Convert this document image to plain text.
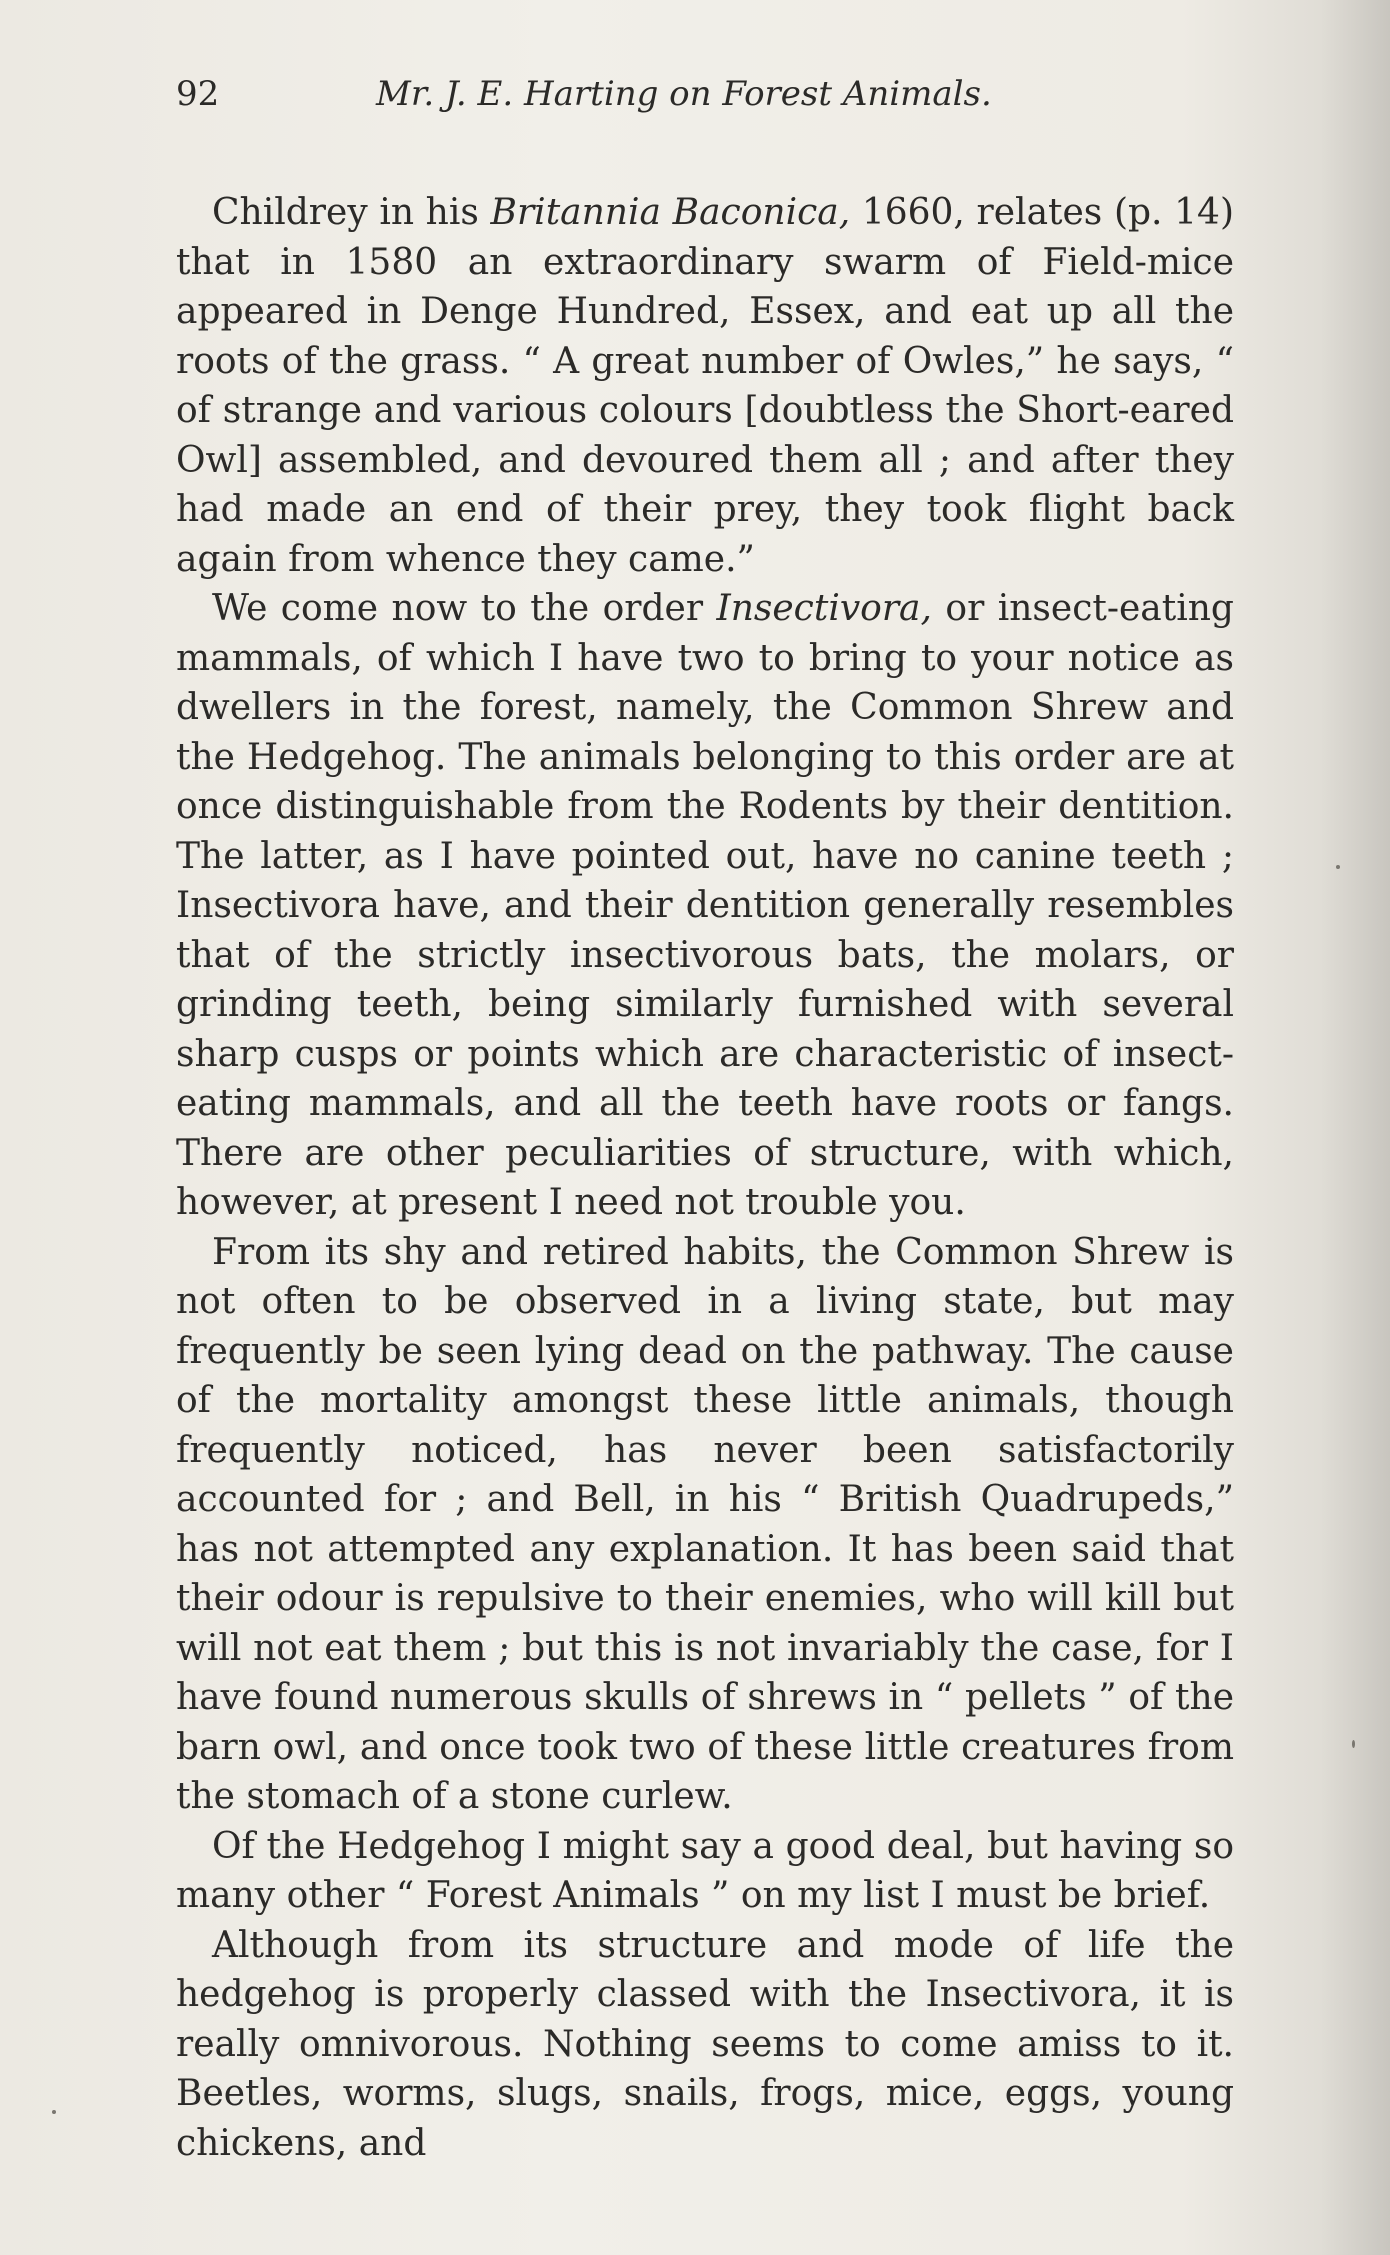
92	Mr. J. E. Harting on Forest Animals.

Childrey in his Britannia Baconica, 1660, relates (p. 14) that in 1580 an extraordinary swarm of Field-mice appeared in Denge Hundred, Essex, and eat up all the roots of the grass. “ A great number of Owles,” he says, “ of strange and various colours [doubtless the Short-eared Owl] assembled, and devoured them all ; and after they had made an end of their prey, they took flight back again from whence they came.”

We come now to the order Insectivora, or insect-eating mammals, of which I have two to bring to your notice as dwellers in the forest, namely, the Common Shrew and the Hedgehog. The animals belonging to this order are at once distinguishable from the Rodents by their dentition. The latter, as I have pointed out, have no canine teeth ; Insectivora have, and their dentition generally resembles that of the strictly insectivorous bats, the molars, or grinding teeth, being similarly furnished with several sharp cusps or points which are characteristic of insect-eating mammals, and all the teeth have roots or fangs. There are other peculiarities of structure, with which, however, at present I need not trouble you.

From its shy and retired habits, the Common Shrew is not often to be observed in a living state, but may frequently be seen lying dead on the pathway. The cause of the mortality amongst these little animals, though frequently noticed, has never been satisfactorily accounted for ; and Bell, in his “ British Quadrupeds,” has not attempted any explanation. It has been said that their odour is repulsive to their enemies, who will kill but will not eat them ; but this is not invariably the case, for I have found numerous skulls of shrews in “ pellets ” of the barn owl, and once took two of these little creatures from the stomach of a stone curlew.

Of the Hedgehog I might say a good deal, but having so many other “ Forest Animals ” on my list I must be brief.

Although from its structure and mode of life the hedgehog is properly classed with the Insectivora, it is really omnivorous. Nothing seems to come amiss to it. Beetles, worms, slugs, snails, frogs, mice, eggs, young chickens, and
